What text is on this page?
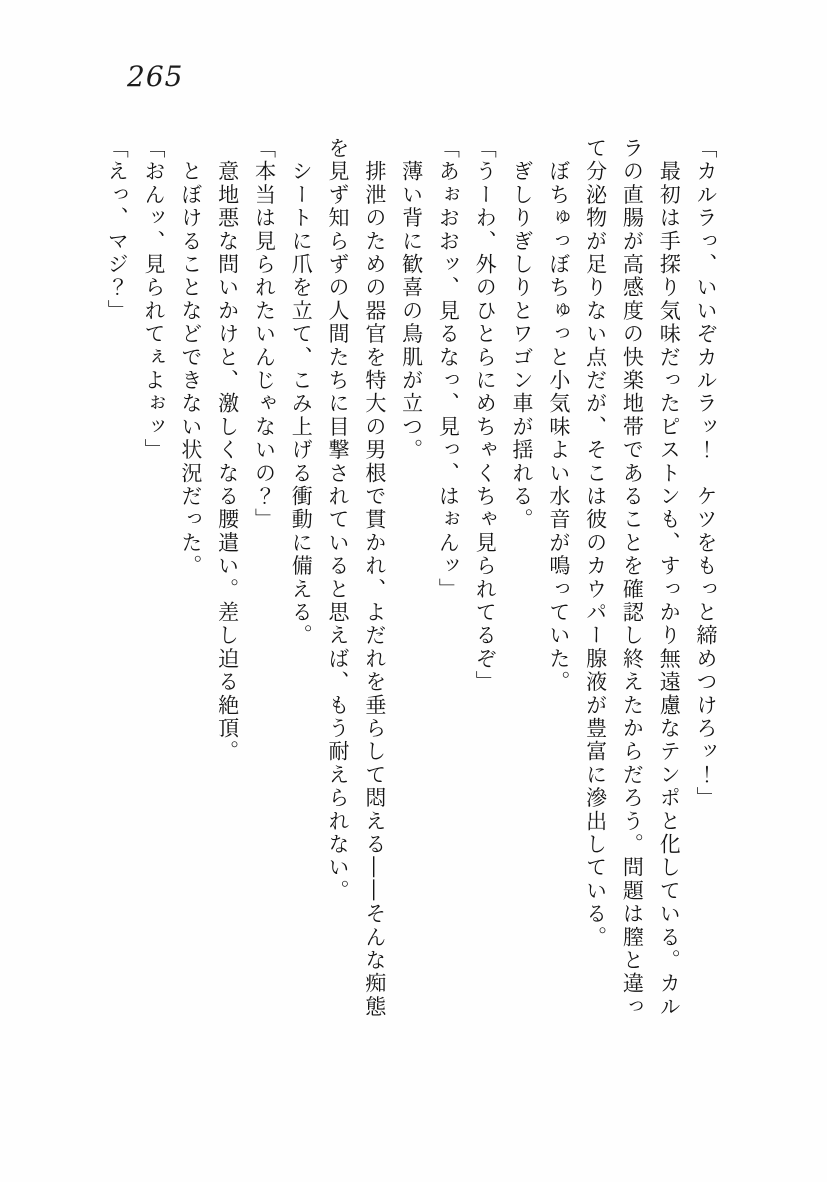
265

「カルラっ、いいぞカルラッ！　ケツをもっと締めつけろッ！」

　最初は手探り気味だったピストンも、すっかり無遠慮なテンポと化している。カルラの直腸が高感度の快楽地帯であることを確認し終えたからだろう。問題は膣と違って分泌物が足りない点だが、そこは彼のカウパー腺液が豊富に滲出している。

　ぼちゅっぼちゅっと小気味よい水音が鳴っていた。

　ぎしりぎしりとワゴン車が揺れる。

「うーわ、外のひとらにめちゃくちゃ見られてるぞ」

「あぉおおッ、見るなっ、見っ、はぉんッ」

　薄い背に歓喜の鳥肌が立つ。

　排泄のための器官を特大の男根で貫かれ、よだれを垂らして悶える――そんな痴態を見ず知らずの人間たちに目撃されていると思えば、もう耐えられない。

　シートに爪を立て、こみ上げる衝動に備える。

「本当は見られたいんじゃないの？」

　意地悪な問いかけと、激しくなる腰遣い。差し迫る絶頂。

　とぼけることなどできない状況だった。

「おんッ、見られてぇよぉッ」

「えっ、マジ？」
